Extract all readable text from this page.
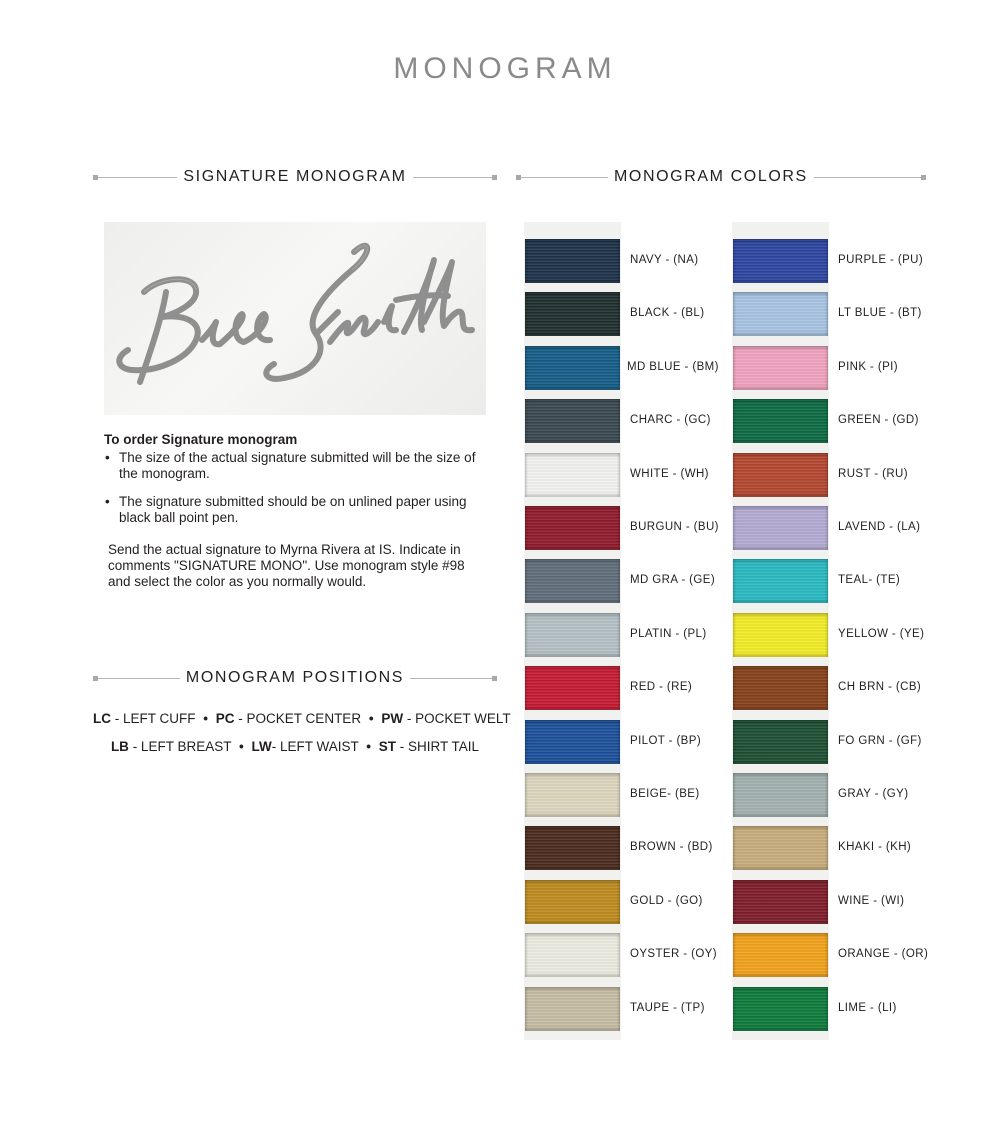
MONOGRAM
SIGNATURE MONOGRAM	MONOGRAM COLORS
MONOGRAM POSITIONS
To order Signature monogram
• The size of the actual signature submitted will be the size of the monogram.
• The signature submitted should be on unlined paper using black ball point pen.
Send the actual signature to Myrna Rivera at IS. Indicate in comments "SIGNATURE MONO". Use monogram style #98 and select the color as you normally would.
LC - LEFT CUFF • PC - POCKET CENTER • PW - POCKET WELT
LB - LEFT BREAST • LW- LEFT WAIST • ST - SHIRT TAIL
NAVY - (NA)
BLACK - (BL)
MD BLUE - (BM)
CHARC - (GC)
WHITE - (WH)
BURGUN - (BU)
MD GRA - (GE)
PLATIN - (PL)
RED - (RE)
PILOT - (BP)
BEIGE- (BE)
BROWN - (BD)
GOLD - (GO)
OYSTER - (OY)
TAUPE - (TP)
PURPLE - (PU)
LT BLUE - (BT)
PINK - (PI)
GREEN - (GD)
RUST - (RU)
LAVEND - (LA)
TEAL- (TE)
YELLOW - (YE)
CH BRN - (CB)
FO GRN - (GF)
GRAY - (GY)
KHAKI - (KH)
WINE - (WI)
ORANGE - (OR)
LIME - (LI)
